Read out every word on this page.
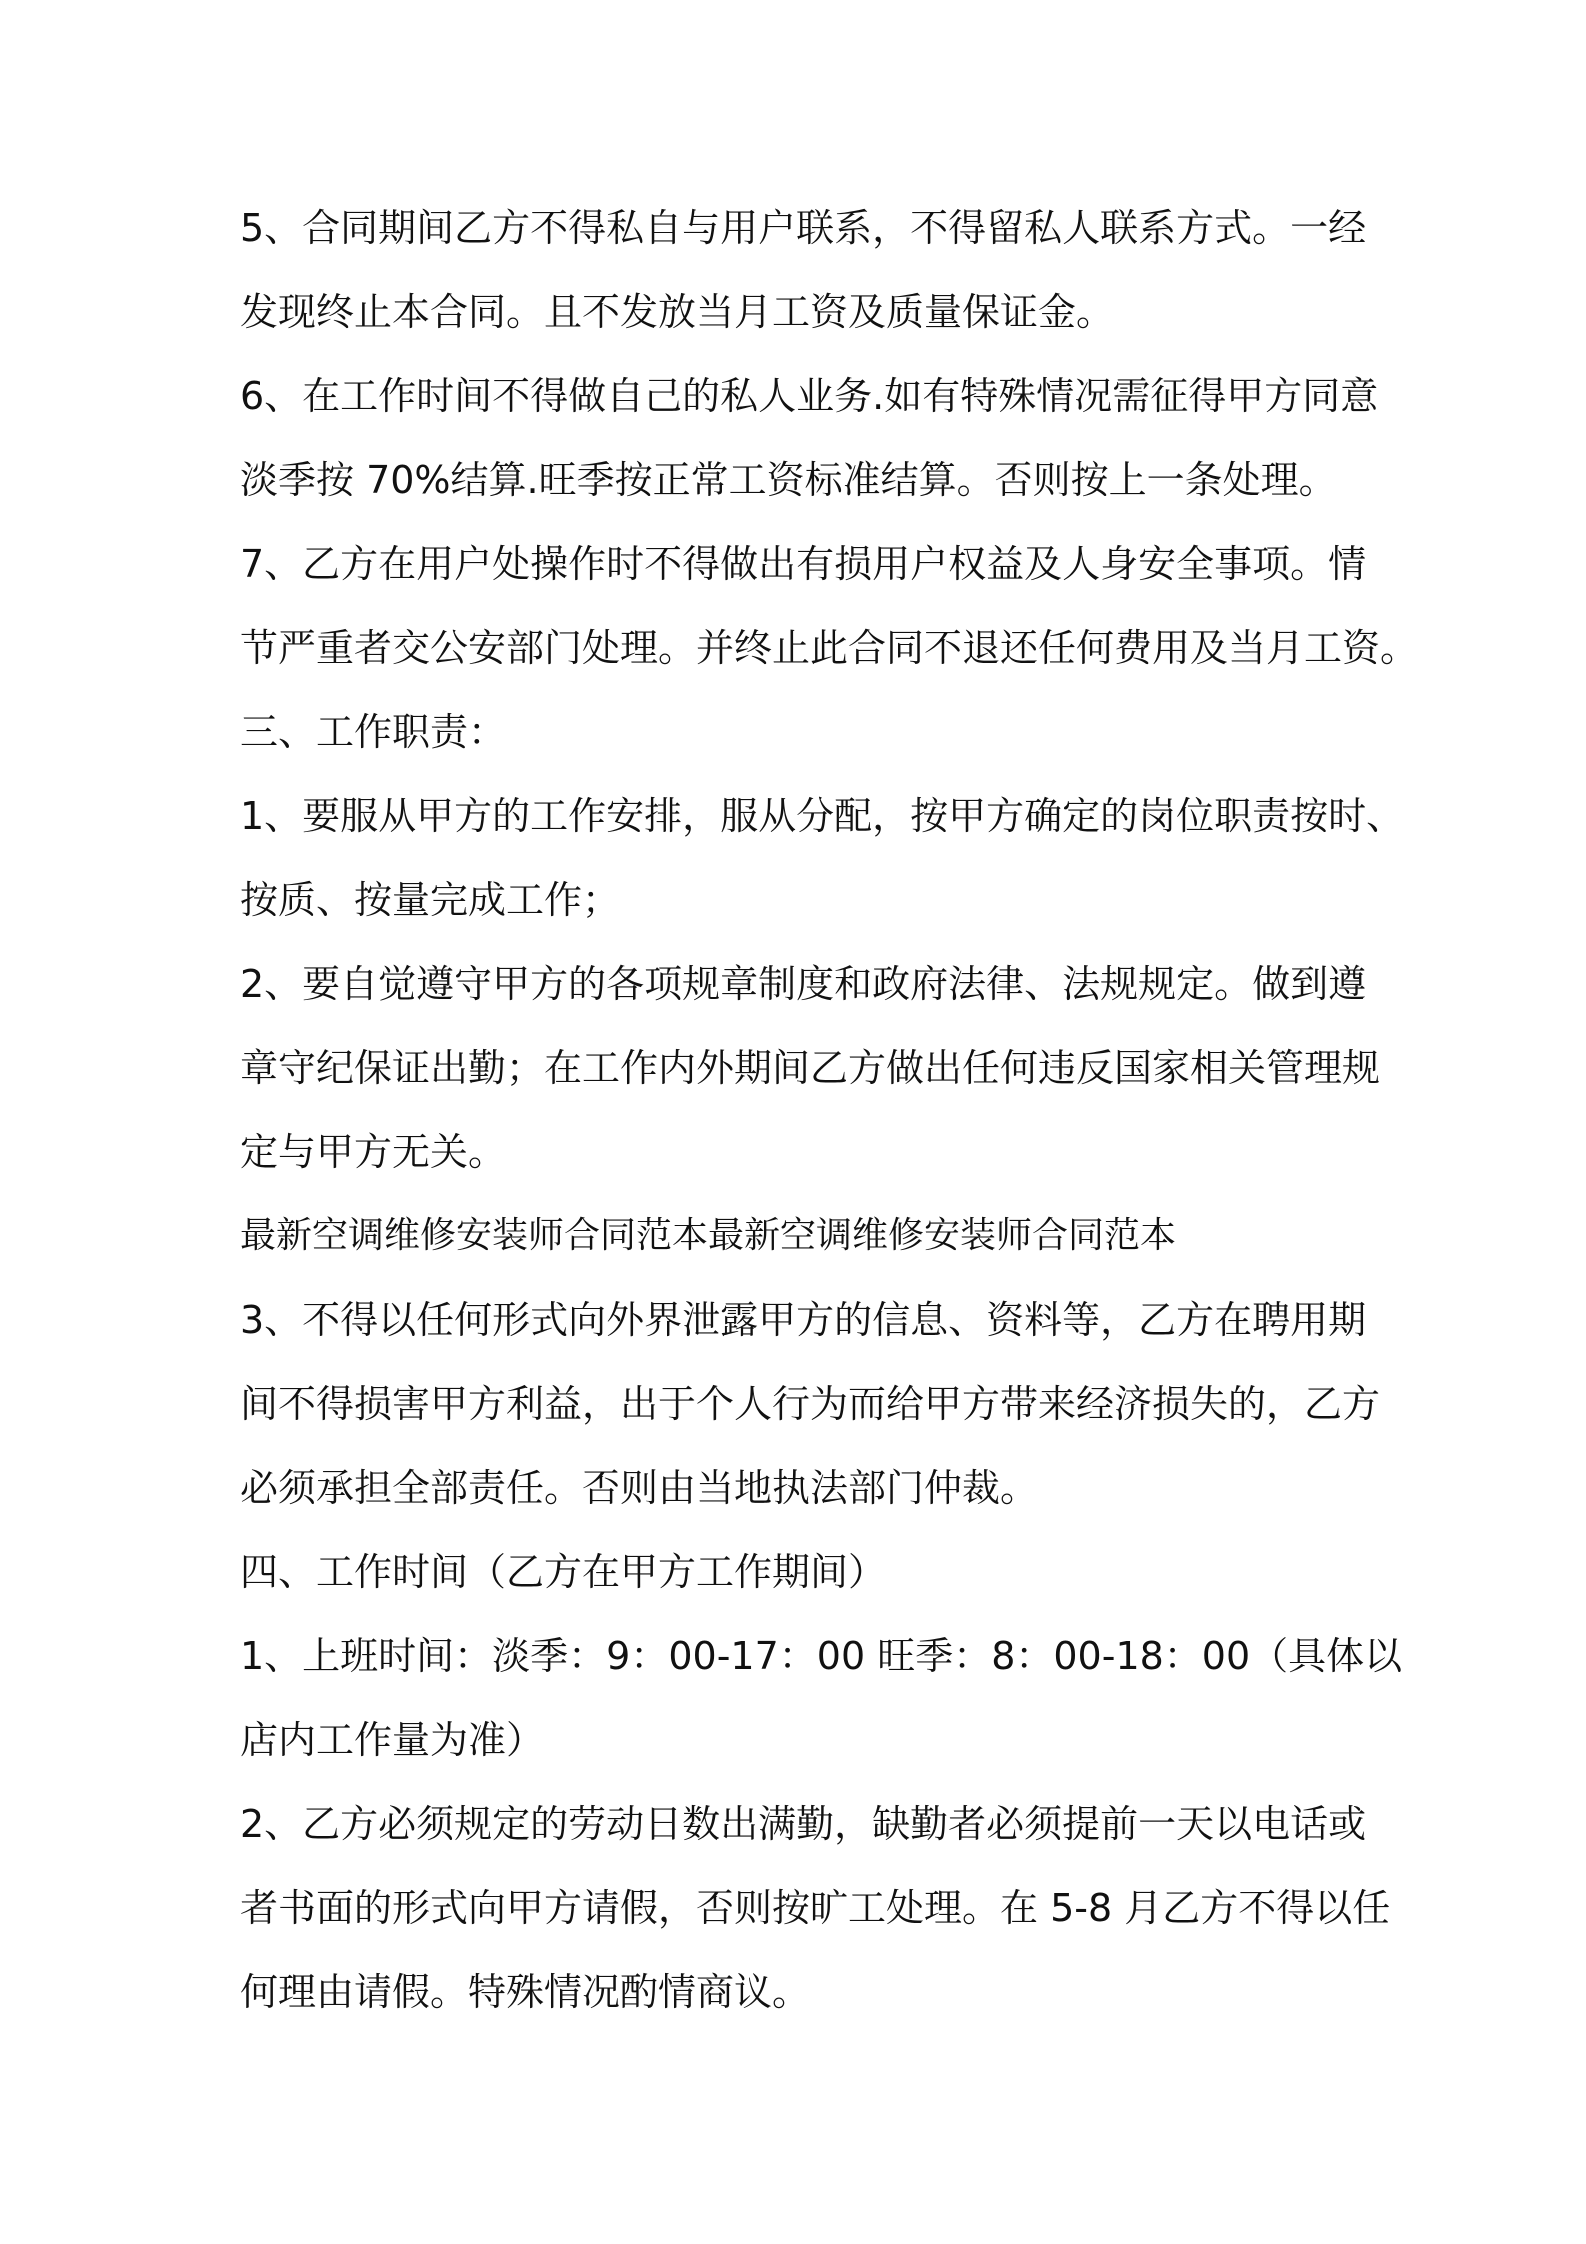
5、合同期间乙方不得私自与用户联系，不得留私人联系方式。一经
发现终止本合同。且不发放当月工资及质量保证金。
6、在工作时间不得做自己的私人业务.如有特殊情况需征得甲方同意
淡季按 70%结算.旺季按正常工资标准结算。否则按上一条处理。
7、乙方在用户处操作时不得做出有损用户权益及人身安全事项。情
节严重者交公安部门处理。并终止此合同不退还任何费用及当月工资。
三、工作职责：
1、要服从甲方的工作安排，服从分配，按甲方确定的岗位职责按时、
按质、按量完成工作；
2、要自觉遵守甲方的各项规章制度和政府法律、法规规定。做到遵
章守纪保证出勤；在工作内外期间乙方做出任何违反国家相关管理规
定与甲方无关。
最新空调维修安装师合同范本最新空调维修安装师合同范本
3、不得以任何形式向外界泄露甲方的信息、资料等，乙方在聘用期
间不得损害甲方利益，出于个人行为而给甲方带来经济损失的，乙方
必须承担全部责任。否则由当地执法部门仲裁。
四、工作时间（乙方在甲方工作期间）
1、上班时间：淡季：9：00-17：00 旺季：8：00-18：00（具体以
店内工作量为准）
2、乙方必须规定的劳动日数出满勤，缺勤者必须提前一天以电话或
者书面的形式向甲方请假，否则按旷工处理。在 5-8 月乙方不得以任
何理由请假。特殊情况酌情商议。
